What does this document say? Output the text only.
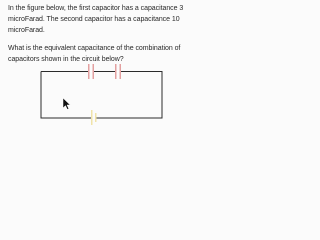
In the figure below, the first capacitor has a capacitance 3 microFarad. The second capacitor has a capacitance 10 microFarad.

What is the equivalent capacitance of the combination of capacitors shown in the circuit below?
